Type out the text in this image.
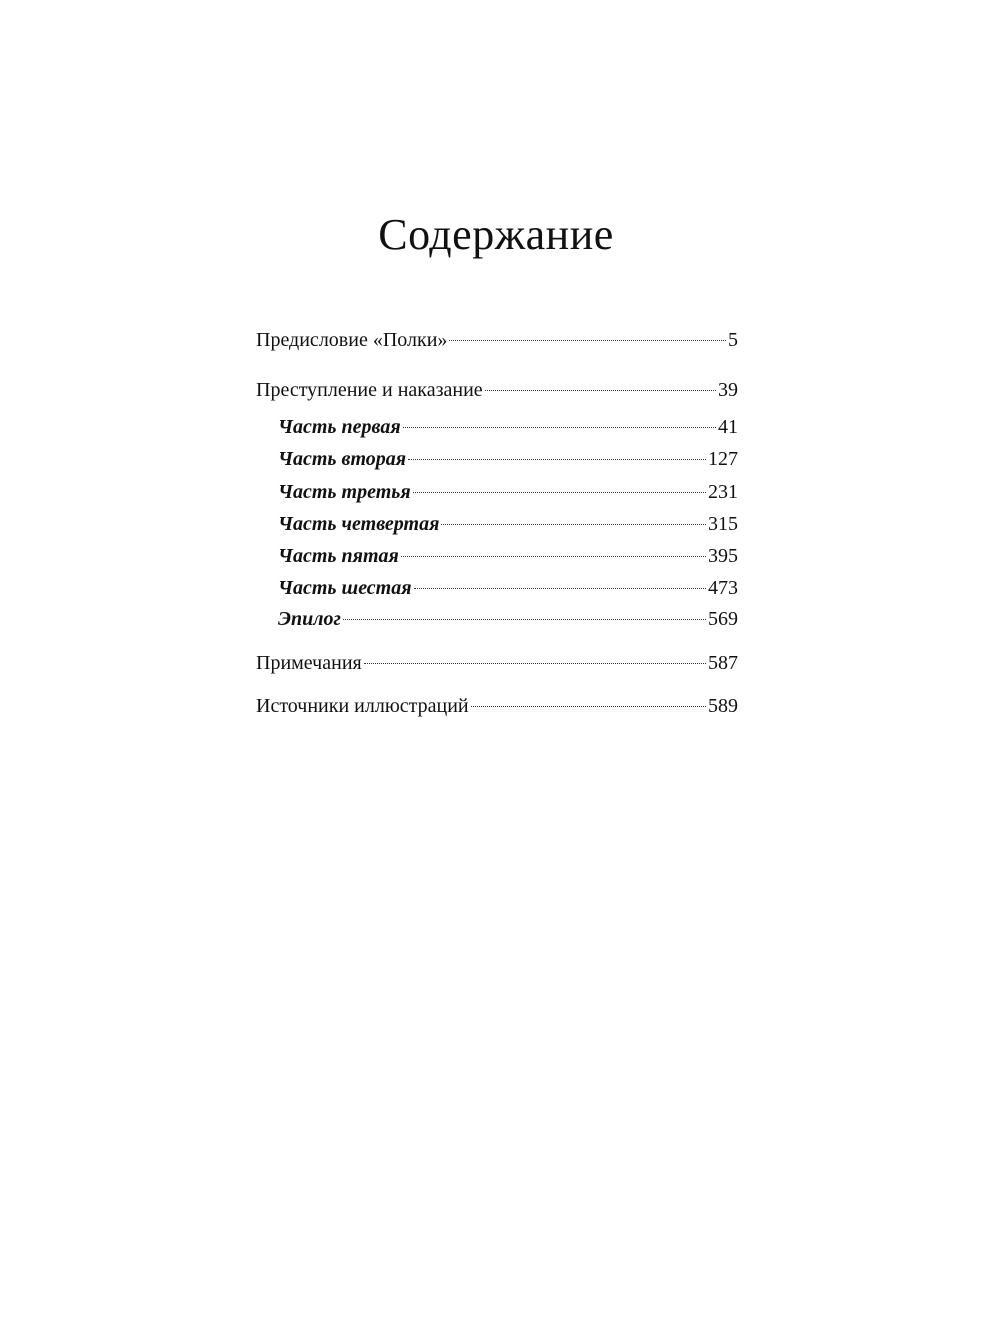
Содержание
Предисловие «Полки»	5
Преступление и наказание	39
Часть первая	41
Часть вторая	127
Часть третья	231
Часть четвертая	315
Часть пятая	395
Часть шестая	473
Эпилог	569
Примечания	587
Источники иллюстраций	589
